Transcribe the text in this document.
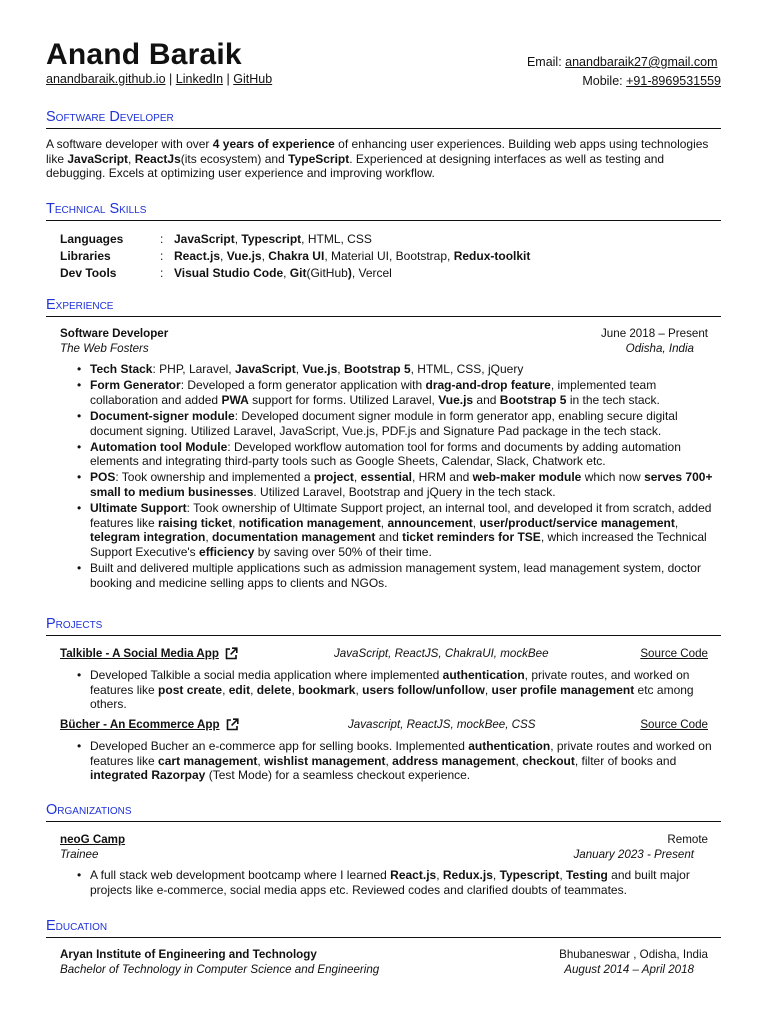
Anand Baraik
anandbaraik.github.io | LinkedIn | GitHub
Email: anandbaraik27@gmail.com
Mobile: +91-8969531559
Software Developer
A software developer with over 4 years of experience of enhancing user experiences. Building web apps using technologies like JavaScript, ReactJs(its ecosystem) and TypeScript. Experienced at designing interfaces as well as testing and debugging. Excels at optimizing user experience and improving workflow.
Technical Skills
Languages	: JavaScript, Typescript, HTML, CSS
Libraries	: React.js, Vue.js, Chakra UI, Material UI, Bootstrap, Redux-toolkit
Dev Tools	: Visual Studio Code, Git(GitHub), Vercel
Experience
Software Developer	June 2018 – Present
The Web Fosters	Odisha, India
• Tech Stack: PHP, Laravel, JavaScript, Vue.js, Bootstrap 5, HTML, CSS, jQuery
• Form Generator: Developed a form generator application with drag-and-drop feature, implemented team collaboration and added PWA support for forms. Utilized Laravel, Vue.js and Bootstrap 5 in the tech stack.
• Document-signer module: Developed document signer module in form generator app, enabling secure digital document signing. Utilized Laravel, JavaScript, Vue.js, PDF.js and Signature Pad package in the tech stack.
• Automation tool Module: Developed workflow automation tool for forms and documents by adding automation elements and integrating third-party tools such as Google Sheets, Calendar, Slack, Chatwork etc.
• POS: Took ownership and implemented a project, essential, HRM and web-maker module which now serves 700+ small to medium businesses. Utilized Laravel, Bootstrap and jQuery in the tech stack.
• Ultimate Support: Took ownership of Ultimate Support project, an internal tool, and developed it from scratch, added features like raising ticket, notification management, announcement, user/product/service management, telegram integration, documentation management and ticket reminders for TSE, which increased the Technical Support Executive's efficiency by saving over 50% of their time.
• Built and delivered multiple applications such as admission management system, lead management system, doctor booking and medicine selling apps to clients and NGOs.
Projects
Talkible - A Social Media App	JavaScript, ReactJS, ChakraUI, mockBee	Source Code
• Developed Talkible a social media application where implemented authentication, private routes, and worked on features like post create, edit, delete, bookmark, users follow/unfollow, user profile management etc among others.
Bücher - An Ecommerce App	Javascript, ReactJS, mockBee, CSS	Source Code
• Developed Bucher an e-commerce app for selling books. Implemented authentication, private routes and worked on features like cart management, wishlist management, address management, checkout, filter of books and integrated Razorpay (Test Mode) for a seamless checkout experience.
Organizations
neoG Camp	Remote
Trainee	January 2023 - Present
• A full stack web development bootcamp where I learned React.js, Redux.js, Typescript, Testing and built major projects like e-commerce, social media apps etc. Reviewed codes and clarified doubts of teammates.
Education
Aryan Institute of Engineering and Technology	Bhubaneswar , Odisha, India
Bachelor of Technology in Computer Science and Engineering	August 2014 – April 2018
